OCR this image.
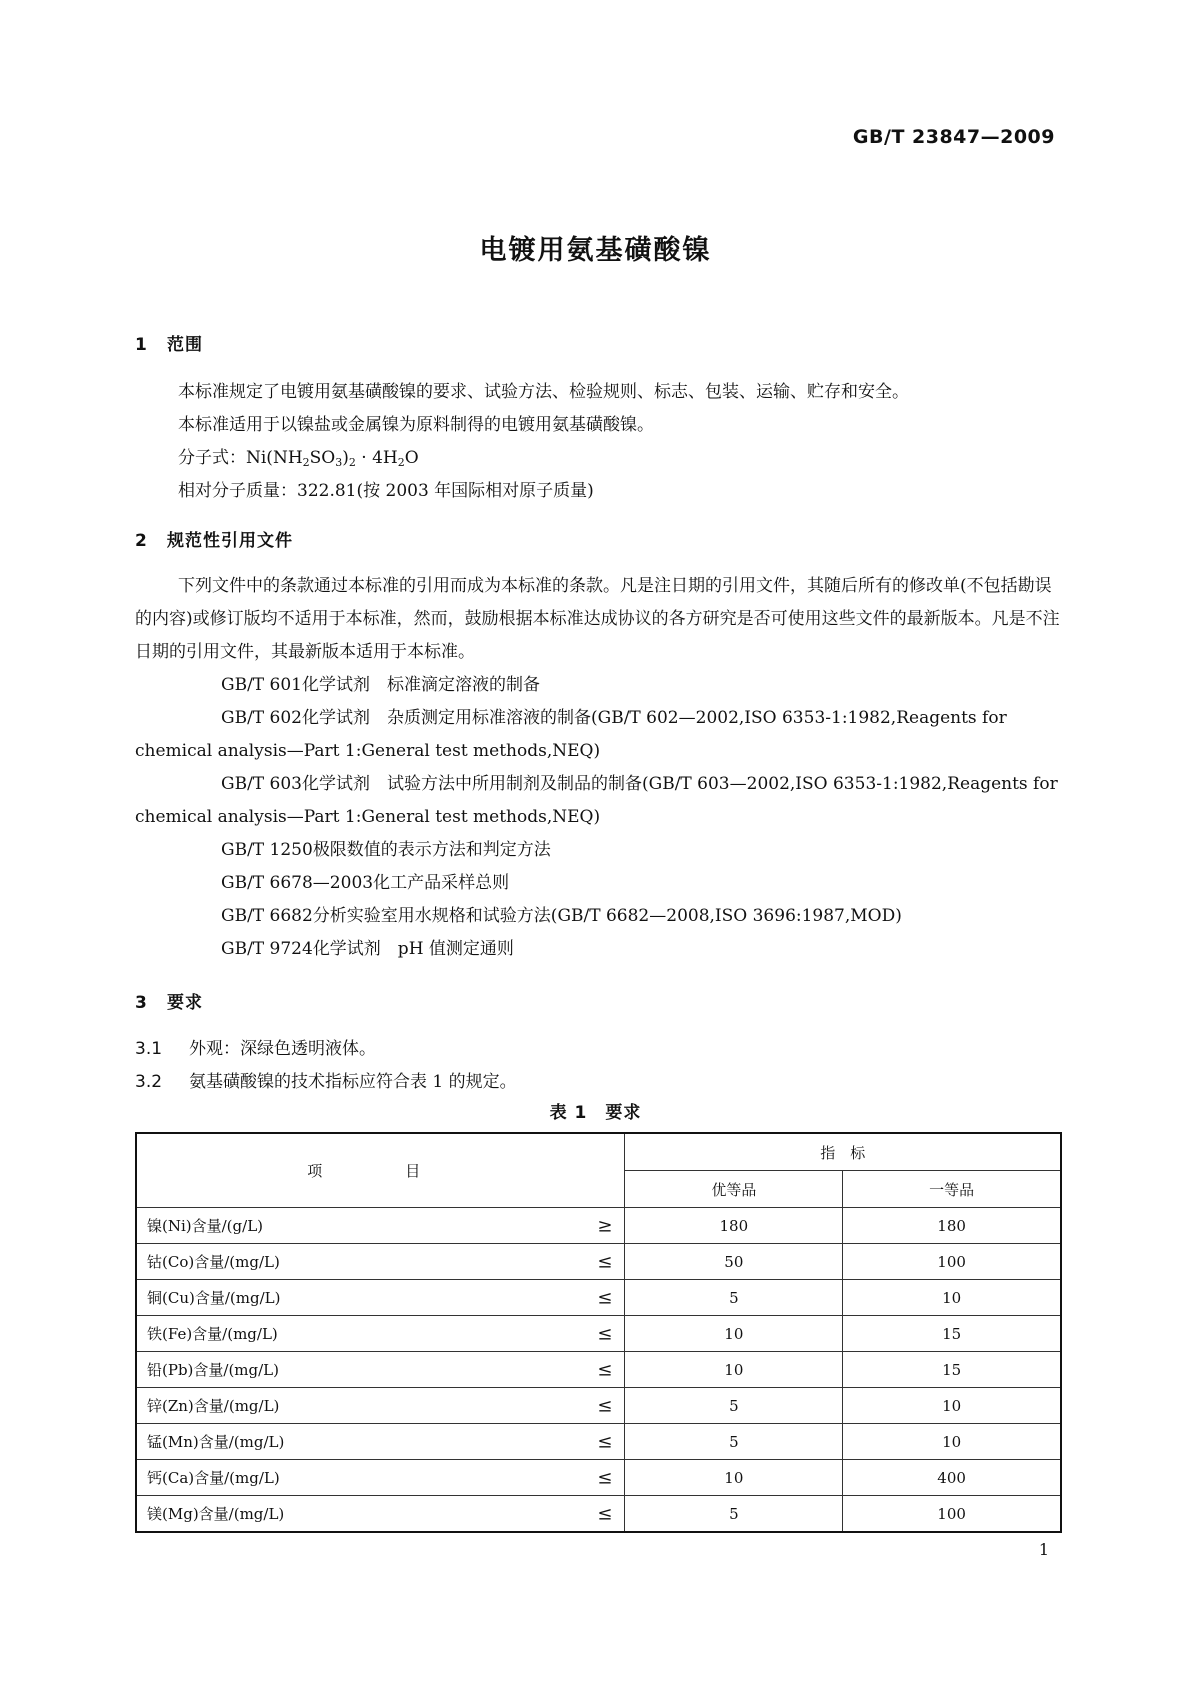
GB/T 23847—2009
电镀用氨基磺酸镍
1 范围
本标准规定了电镀用氨基磺酸镍的要求、试验方法、检验规则、标志、包装、运输、贮存和安全。
本标准适用于以镍盐或金属镍为原料制得的电镀用氨基磺酸镍。
分子式：$Ni(NH_2SO_3)_2 \cdot 4H_2O$
相对分子质量：322.81(按 2003 年国际相对原子质量)
2 规范性引用文件
下列文件中的条款通过本标准的引用而成为本标准的条款。凡是注日期的引用文件，其随后所有的修改单(不包括勘误的内容)或修订版均不适用于本标准，然而，鼓励根据本标准达成协议的各方研究是否可使用这些文件的最新版本。凡是不注日期的引用文件，其最新版本适用于本标准。
GB/T 601化学试剂　标准滴定溶液的制备
GB/T 602化学试剂　杂质测定用标准溶液的制备(GB/T 602—2002,ISO 6353-1:1982,Reagents for chemical analysis—Part 1:General test methods,NEQ)
GB/T 603化学试剂　试验方法中所用制剂及制品的制备(GB/T 603—2002,ISO 6353-1:1982,Reagents for chemical analysis—Part 1:General test methods,NEQ)
GB/T 1250极限数值的表示方法和判定方法
GB/T 6678—2003化工产品采样总则
GB/T 6682分析实验室用水规格和试验方法(GB/T 6682—2008,ISO 3696:1987,MOD)
GB/T 9724化学试剂　pH 值测定通则
3 要求
3.1 外观：深绿色透明液体。
3.2 氨基磺酸镍的技术指标应符合表 1 的规定。
表 1　要求
项　目	指　标	
	优等品	一等品
镍(Ni)含量/(g/L) ≥	180	180
钴(Co)含量/(mg/L) ≤	50	100
铜(Cu)含量/(mg/L) ≤	5	10
铁(Fe)含量/(mg/L) ≤	10	15
铅(Pb)含量/(mg/L) ≤	10	15
锌(Zn)含量/(mg/L) ≤	5	10
锰(Mn)含量/(mg/L) ≤	5	10
钙(Ca)含量/(mg/L) ≤	10	400
镁(Mg)含量/(mg/L) ≤	5	100
1
